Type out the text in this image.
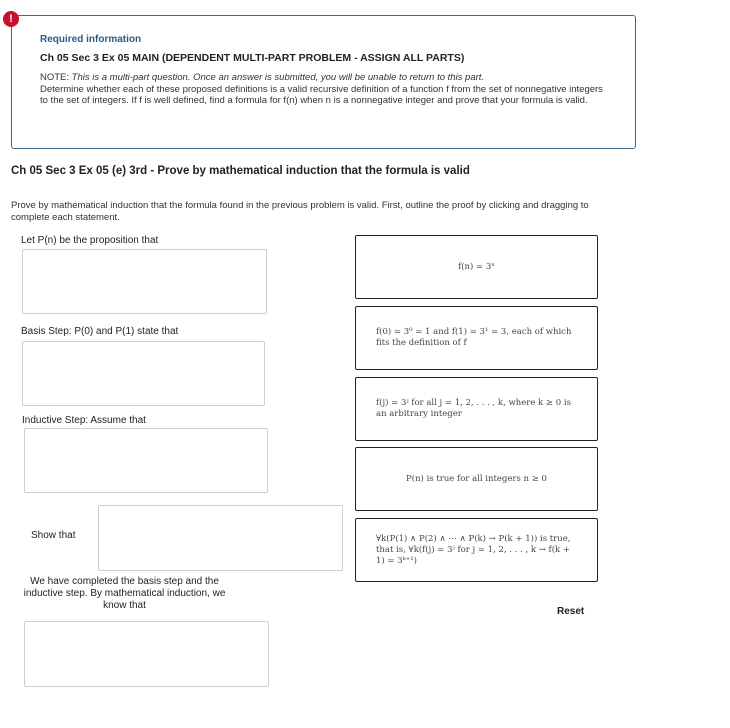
!
Required information
Ch 05 Sec 3 Ex 05 MAIN (DEPENDENT MULTI-PART PROBLEM - ASSIGN ALL PARTS)
NOTE: This is a multi-part question. Once an answer is submitted, you will be unable to return to this part.
Determine whether each of these proposed definitions is a valid recursive definition of a function f from the set of nonnegative integers to the set of integers. If f is well defined, find a formula for f(n) when n is a nonnegative integer and prove that your formula is valid.
Ch 05 Sec 3 Ex 05 (e) 3rd - Prove by mathematical induction that the formula is valid
Prove by mathematical induction that the formula found in the previous problem is valid. First, outline the proof by clicking and dragging to complete each statement.
Let P(n) be the proposition that
Basis Step: P(0) and P(1) state that
Inductive Step: Assume that
Show that
We have completed the basis step and the inductive step. By mathematical induction, we know that
f(n) = 3ⁿ
f(0) = 3⁰ = 1 and f(1) = 3¹ = 3, each of which fits the definition of f
f(j) = 3ʲ for all j = 1, 2, . . . , k, where k ≥ 0 is an arbitrary integer
P(n) is true for all integers n ≥ 0
∀k(P(1) ∧ P(2) ∧ ⋯ ∧ P(k) → P(k + 1)) is true, that is, ∀k(f(j) = 3ʲ for j = 1, 2, . . . , k → f(k + 1) = 3ᵏ⁺¹)
Reset
